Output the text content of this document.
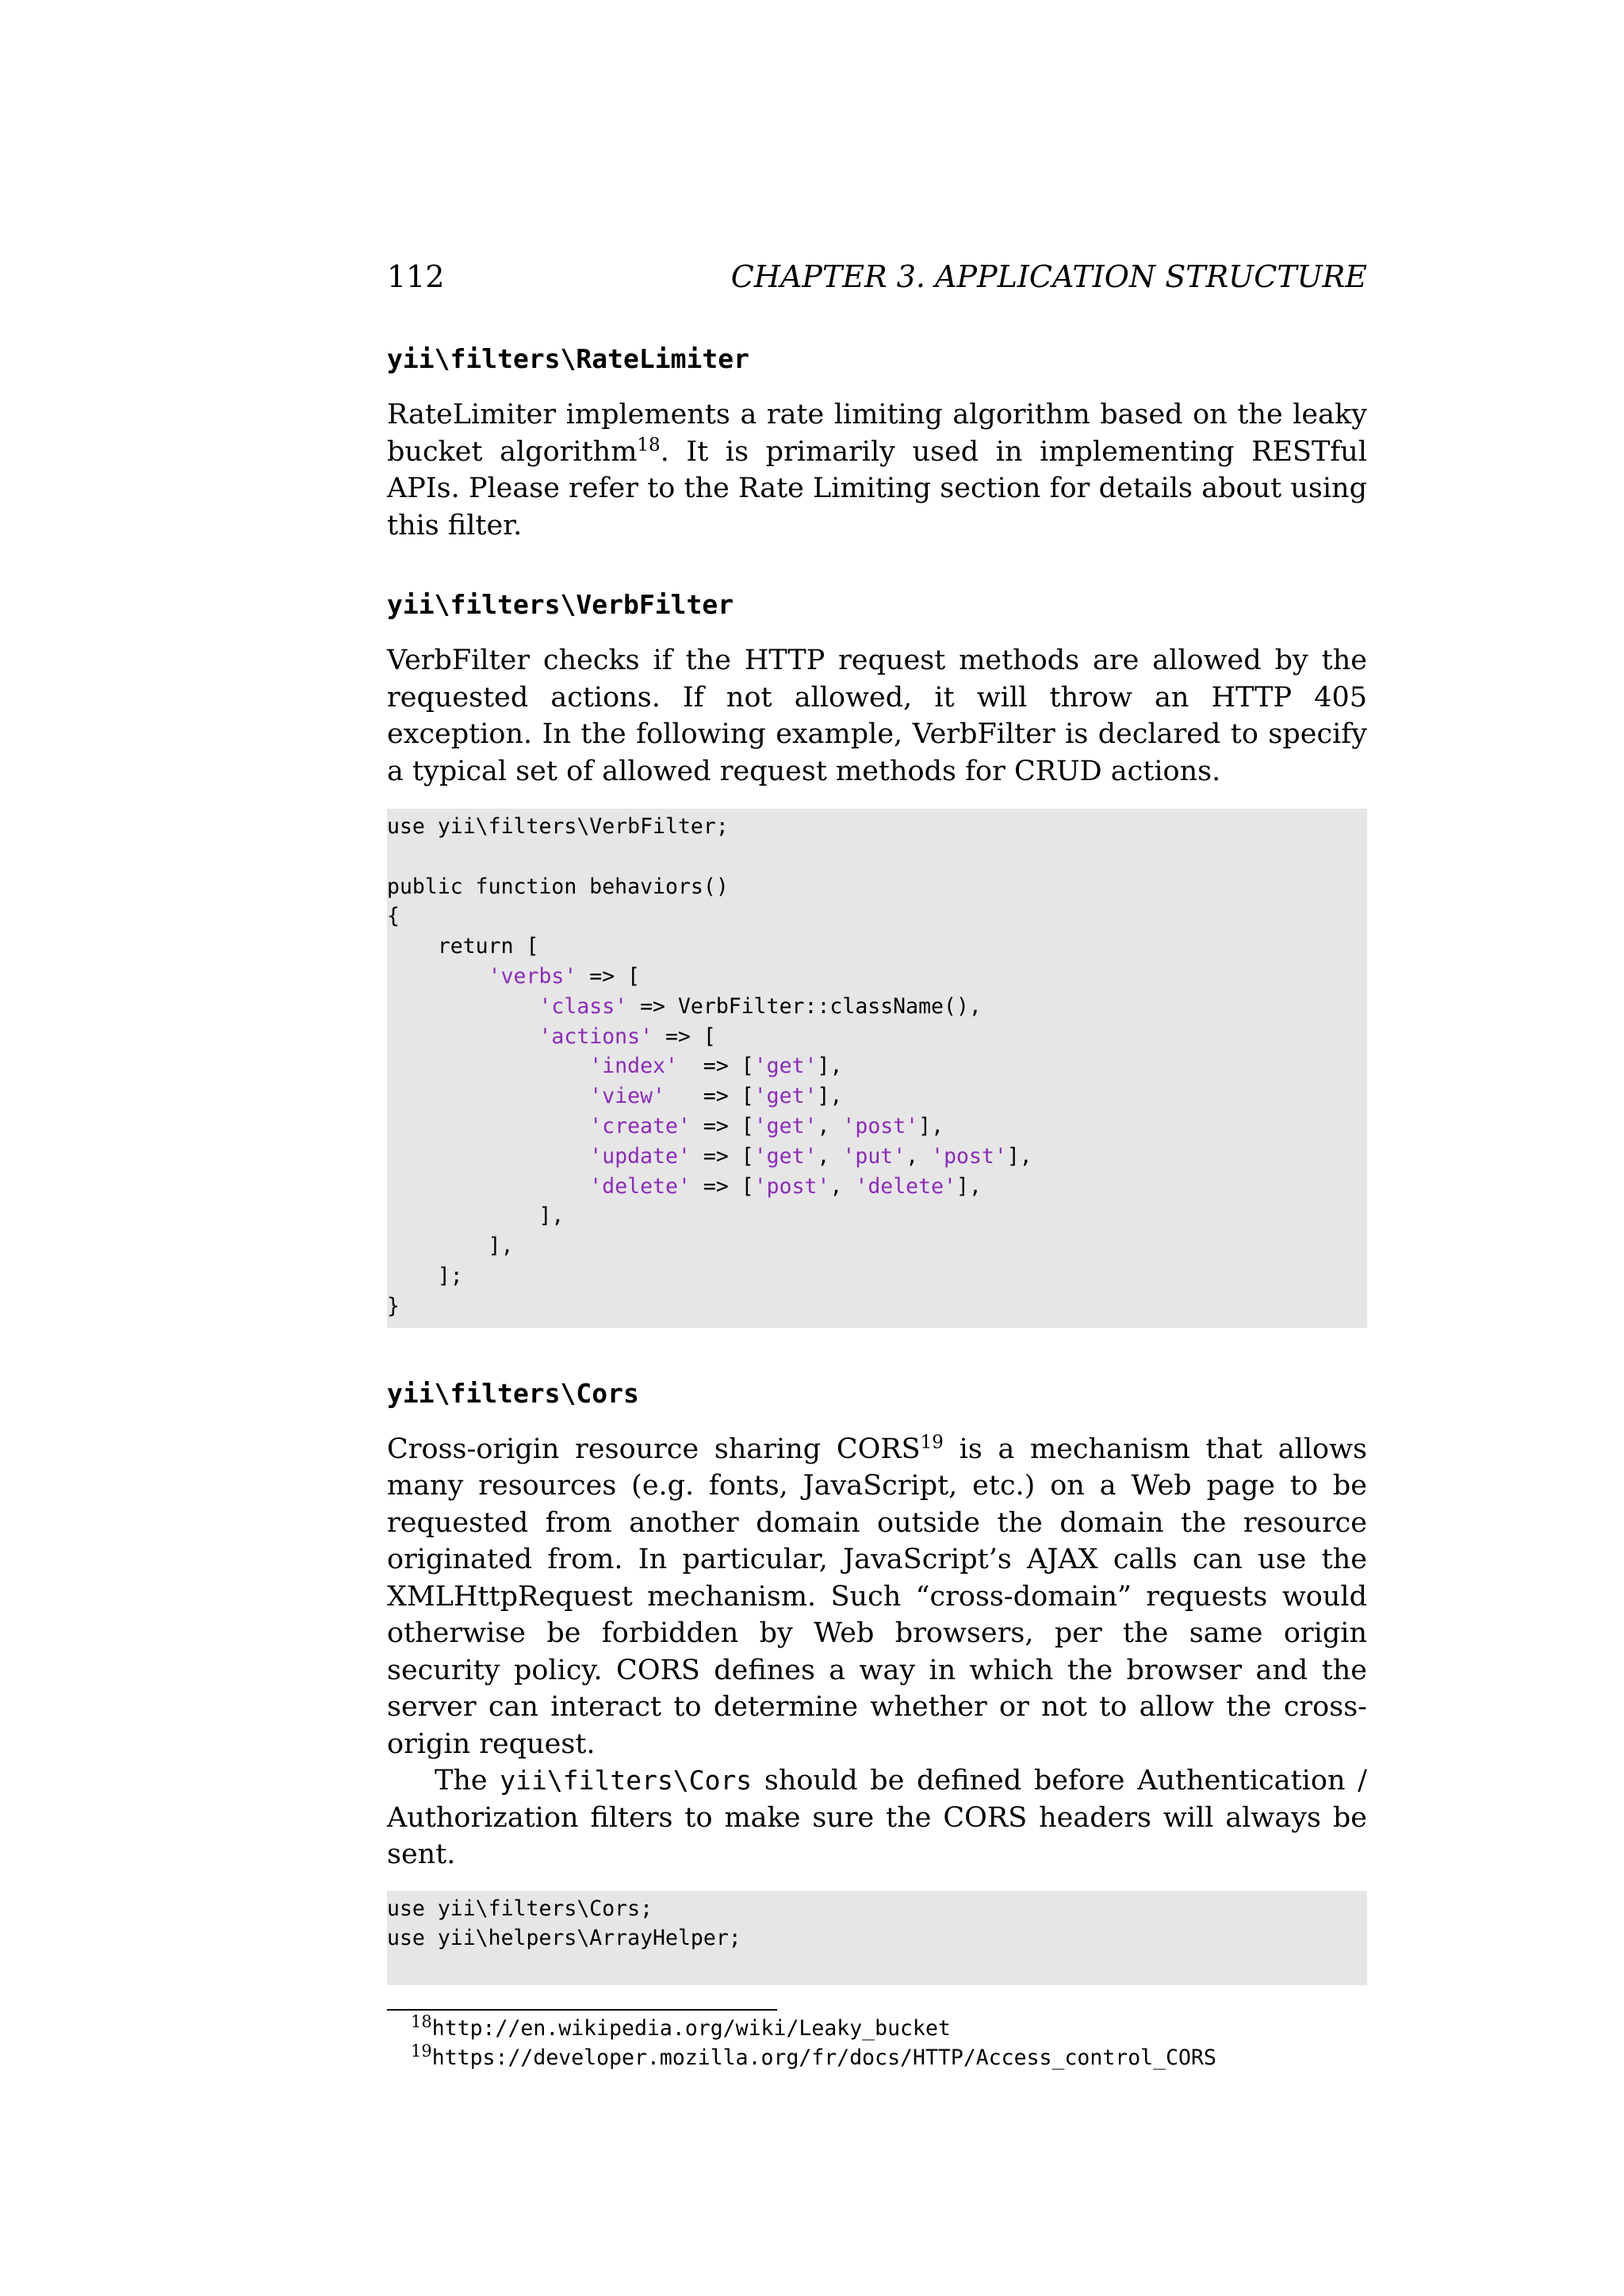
112	CHAPTER 3. APPLICATION STRUCTURE
yii\filters\RateLimiter

RateLimiter implements a rate limiting algorithm based on the leaky bucket algorithm$^{18}$. It is primarily used in implementing RESTful APIs. Please refer to the Rate Limiting section for details about using this filter.

yii\filters\VerbFilter

VerbFilter checks if the HTTP request methods are allowed by the requested actions. If not allowed, it will throw an HTTP 405 exception. In the following example, VerbFilter is declared to specify a typical set of allowed request methods for CRUD actions.

use yii\filters\VerbFilter;
public function behaviors()
{
return [
'verbs' => [
'class' => VerbFilter::className(),
'actions' => [
'index'  => ['get'],
'view'   => ['get'],
'create' => ['get', 'post'],
'update' => ['get', 'put', 'post'],
'delete' => ['post', 'delete'],
],
],
];
}
yii\filters\Cors

Cross-origin resource sharing CORS$^{19}$ is a mechanism that allows many resources (e.g. fonts, JavaScript, etc.) on a Web page to be requested from another domain outside the domain the resource originated from. In particular, JavaScript’s AJAX calls can use the XMLHttpRequest mechanism. Such “cross-domain” requests would otherwise be forbidden by Web browsers, per the same origin security policy. CORS defines a way in which the browser and the server can interact to determine whether or not to allow the cross-origin request.

The yii\filters\Cors should be defined before Authentication / Authorization filters to make sure the CORS headers will always be sent.

use yii\filters\Cors;
use yii\helpers\ArrayHelper;
$^{18}$http://en.wikipedia.org/wiki/Leaky_bucket
$^{19}$https://developer.mozilla.org/fr/docs/HTTP/Access_control_CORS
